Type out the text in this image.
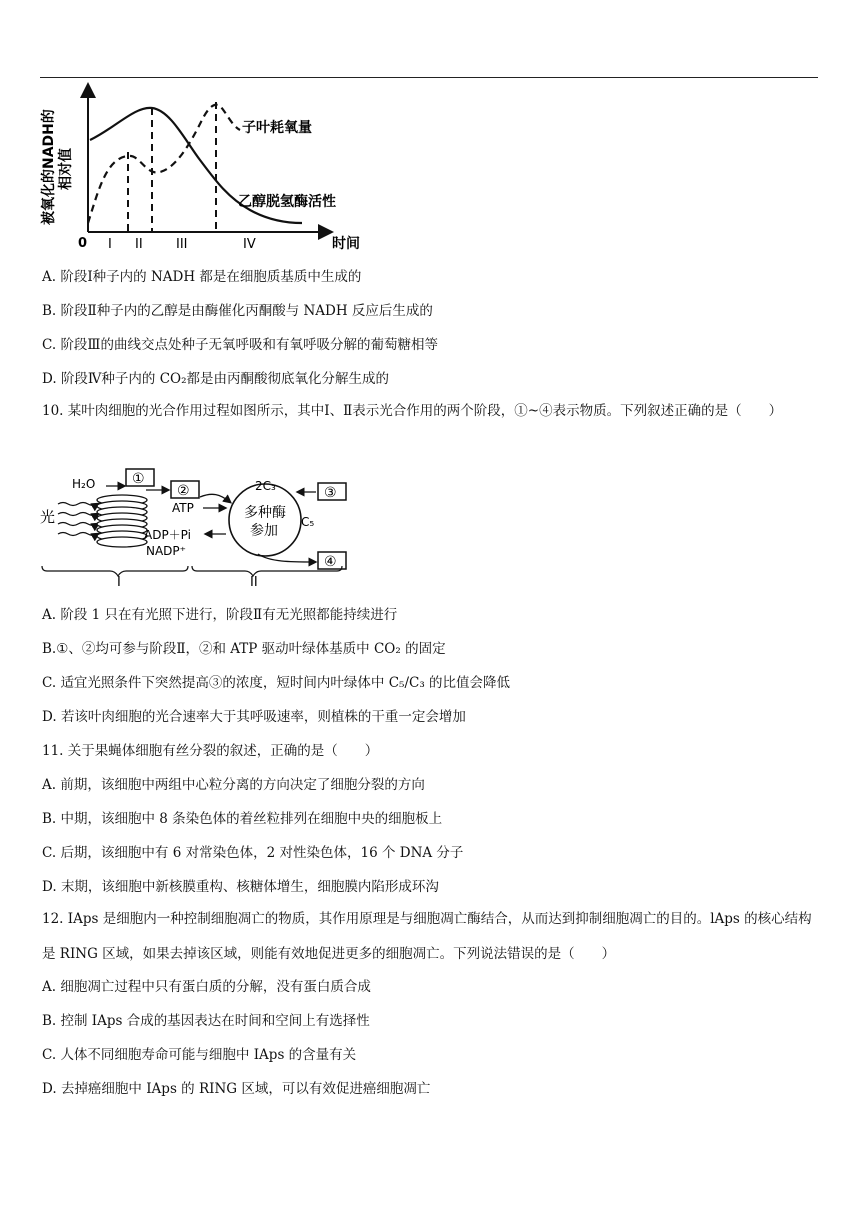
被氧化的NADH的 相对值
0	时间
I II	III	IV
子叶耗氧量
乙醇脱氢酶活性
A. 阶段Ⅰ种子内的 NADH 都是在细胞质基质中生成的
B. 阶段Ⅱ种子内的乙醇是由酶催化丙酮酸与 NADH 反应后生成的
C. 阶段Ⅲ的曲线交点处种子无氧呼吸和有氧呼吸分解的葡萄糖相等
D. 阶段Ⅳ种子内的 CO₂都是由丙酮酸彻底氧化分解生成的
10. 某叶肉细胞的光合作用过程如图所示，其中Ⅰ、Ⅱ表示光合作用的两个阶段，①~④表示物质。下列叙述正确的是（　　）
光
H₂O	①
②
ATP
ADP＋Pi
NADP⁺
2C₃
C₅
多种酶
参加
③
④
I	II
A. 阶段 1 只在有光照下进行，阶段Ⅱ有无光照都能持续进行
B.①、②均可参与阶段Ⅱ，②和 ATP 驱动叶绿体基质中 CO₂ 的固定
C. 适宜光照条件下突然提高③的浓度，短时间内叶绿体中 C₅/C₃ 的比值会降低
D. 若该叶肉细胞的光合速率大于其呼吸速率，则植株的干重一定会增加
11. 关于果蝇体细胞有丝分裂的叙述，正确的是（　　）
A. 前期，该细胞中两组中心粒分离的方向决定了细胞分裂的方向
B. 中期，该细胞中 8 条染色体的着丝粒排列在细胞中央的细胞板上
C. 后期，该细胞中有 6 对常染色体，2 对性染色体，16 个 DNA 分子
D. 末期，该细胞中新核膜重构、核糖体增生，细胞膜内陷形成环沟
12. IAps 是细胞内一种控制细胞凋亡的物质，其作用原理是与细胞凋亡酶结合，从而达到抑制细胞凋亡的目的。lAps 的核心结构是 RING 区域，如果去掉该区域，则能有效地促进更多的细胞凋亡。下列说法错误的是（　　）
A. 细胞凋亡过程中只有蛋白质的分解，没有蛋白质合成
B. 控制 IAps 合成的基因表达在时间和空间上有选择性
C. 人体不同细胞寿命可能与细胞中 IAps 的含量有关
D. 去掉癌细胞中 IAps 的 RING 区域，可以有效促进癌细胞凋亡
